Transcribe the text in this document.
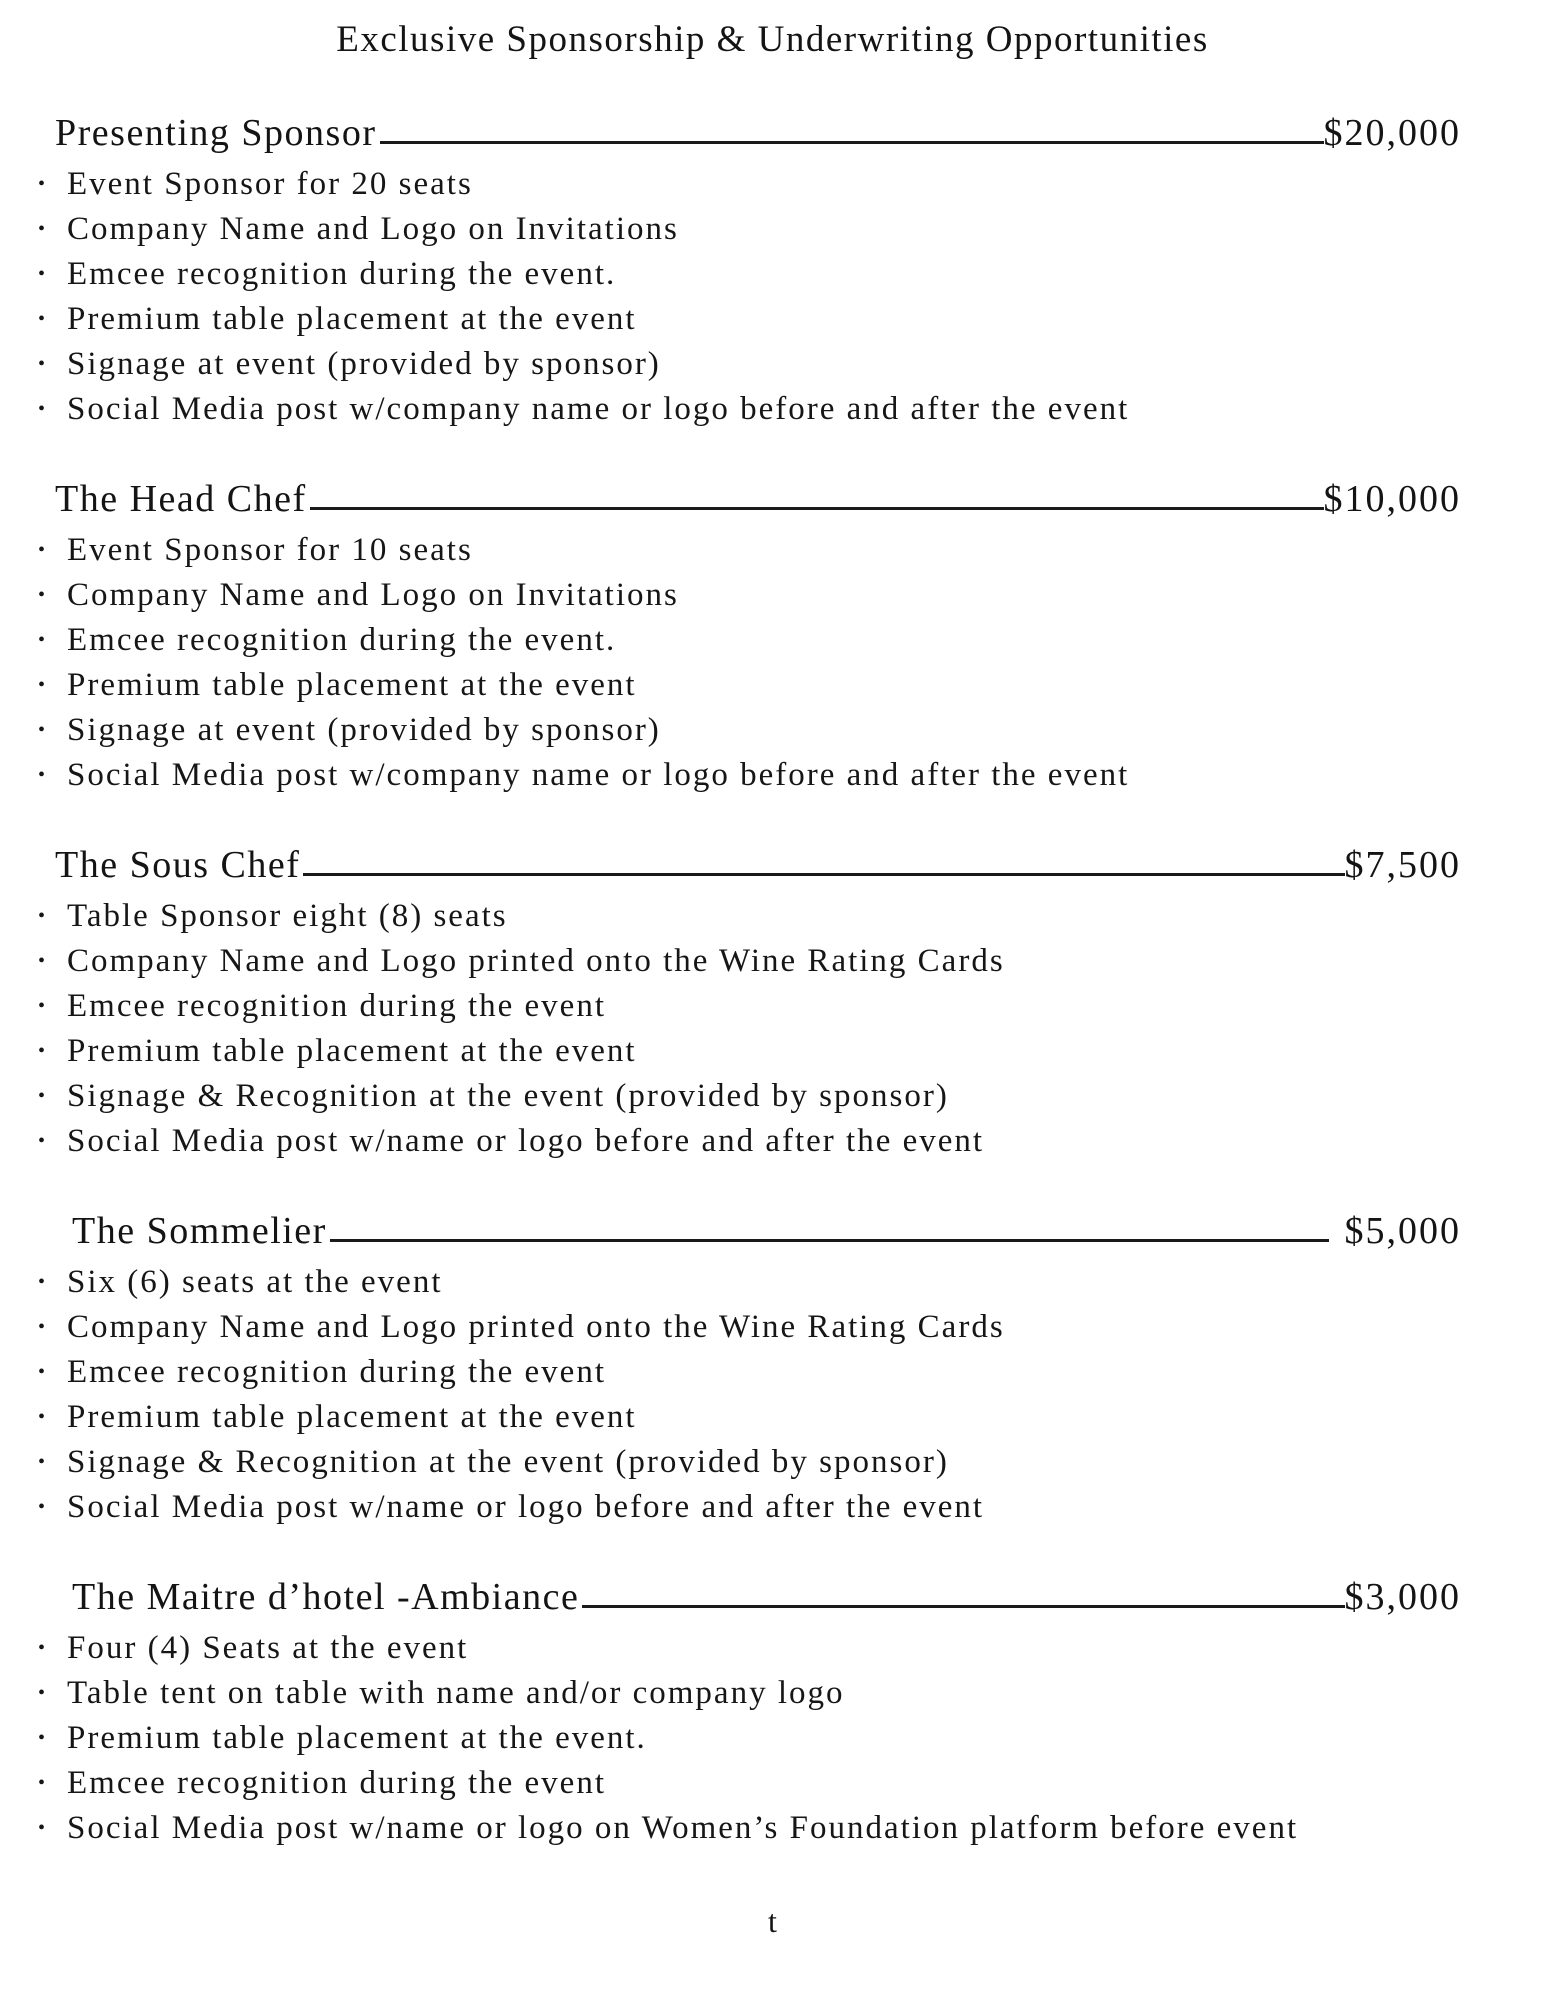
Exclusive Sponsorship & Underwriting Opportunities
Presenting Sponsor	$20,000
• Event Sponsor for 20 seats
• Company Name and Logo on Invitations
• Emcee recognition during the event.
• Premium table placement at the event
• Signage at event (provided by sponsor)
• Social Media post w/company name or logo before and after the event
The Head Chef	$10,000
• Event Sponsor for 10 seats
• Company Name and Logo on Invitations
• Emcee recognition during the event.
• Premium table placement at the event
• Signage at event (provided by sponsor)
• Social Media post w/company name or logo before and after the event
The Sous Chef	$7,500
• Table Sponsor eight (8) seats
• Company Name and Logo printed onto the Wine Rating Cards
• Emcee recognition during the event
• Premium table placement at the event
• Signage & Recognition at the event (provided by sponsor)
• Social Media post w/name or logo before and after the event
The Sommelier	$5,000
• Six (6) seats at the event
• Company Name and Logo printed onto the Wine Rating Cards
• Emcee recognition during the event
• Premium table placement at the event
• Signage & Recognition at the event (provided by sponsor)
• Social Media post w/name or logo before and after the event
The Maitre d’hotel -Ambiance	$3,000
• Four (4) Seats at the event
• Table tent on table with name and/or company logo
• Premium table placement at the event.
• Emcee recognition during the event
• Social Media post w/name or logo on Women’s Foundation platform before event
t
